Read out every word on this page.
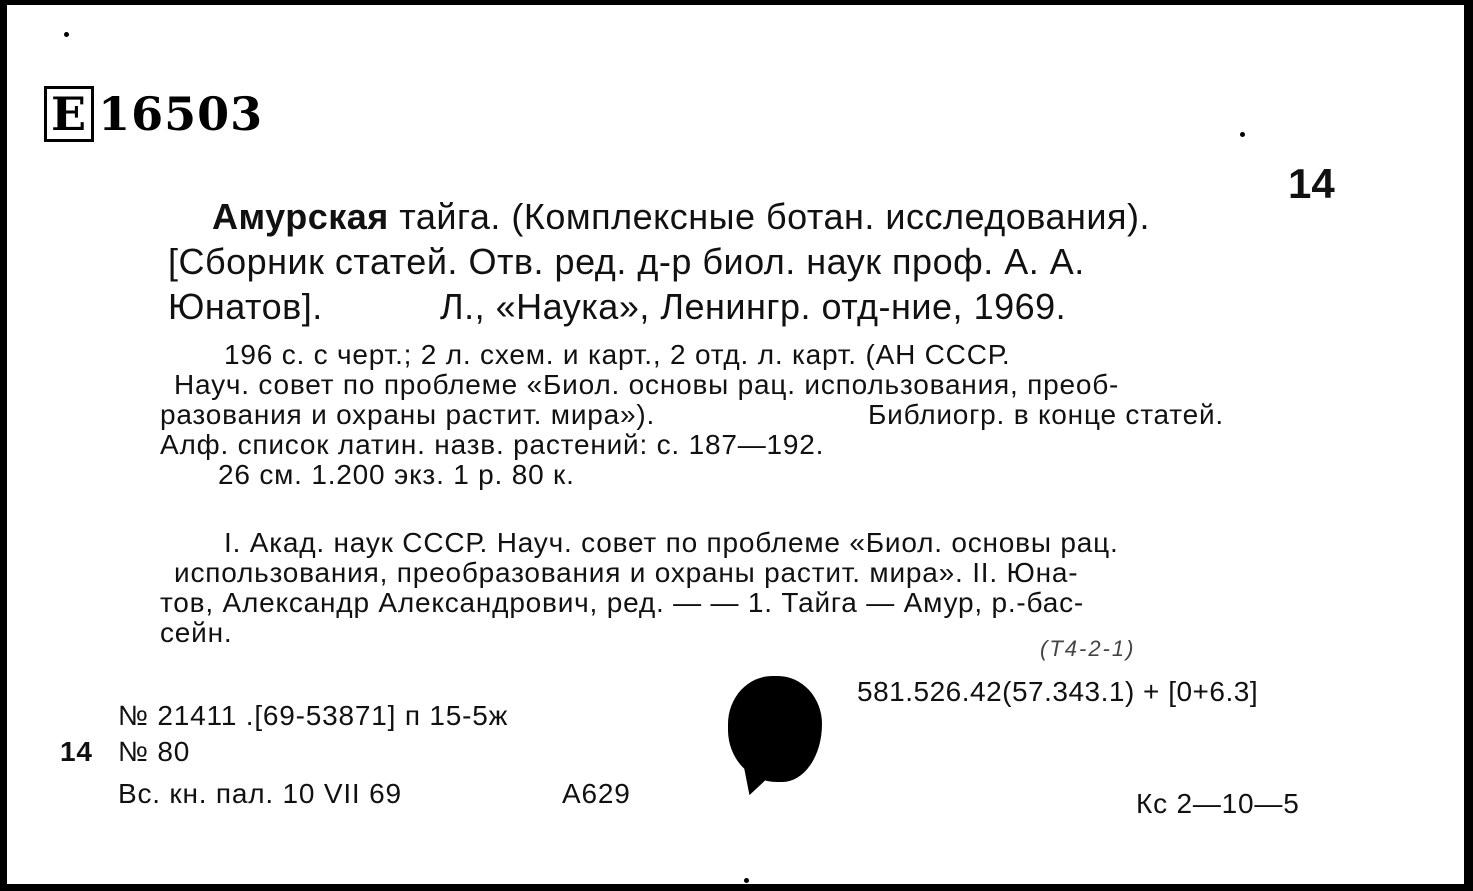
Е 16503
14
Амурская тайга. (Комплексные ботан. исследования).
[Сборник статей. Отв. ред. д-р биол. наук проф. А. А.
Юнатов].	Л., «Наука», Ленингр. отд-ние, 1969.
196 с. с черт.; 2 л. схем. и карт., 2 отд. л. карт. (АН СССР.
Науч. совет по проблеме «Биол. основы рац. использования, преоб-
разования и охраны растит. мира»).	Библиогр. в конце статей.
Алф. список латин. назв. растений: с. 187—192.
26 см. 1.200 экз. 1 р. 80 к.
I. Акад. наук СССР. Науч. совет по проблеме «Биол. основы рац.
использования, преобразования и охраны растит. мира». II. Юна-
тов, Александр Александрович, ред. — — 1. Тайга — Амур, р.-бас-
сейн.
(Т4-2-1)
581.526.42(57.343.1) + [0+6.3]
№ 21411 .[69-53871] п 15-5ж
14 № 80
Вс. кн. пал. 10 VII 69	А629	Кс 2—10—5
